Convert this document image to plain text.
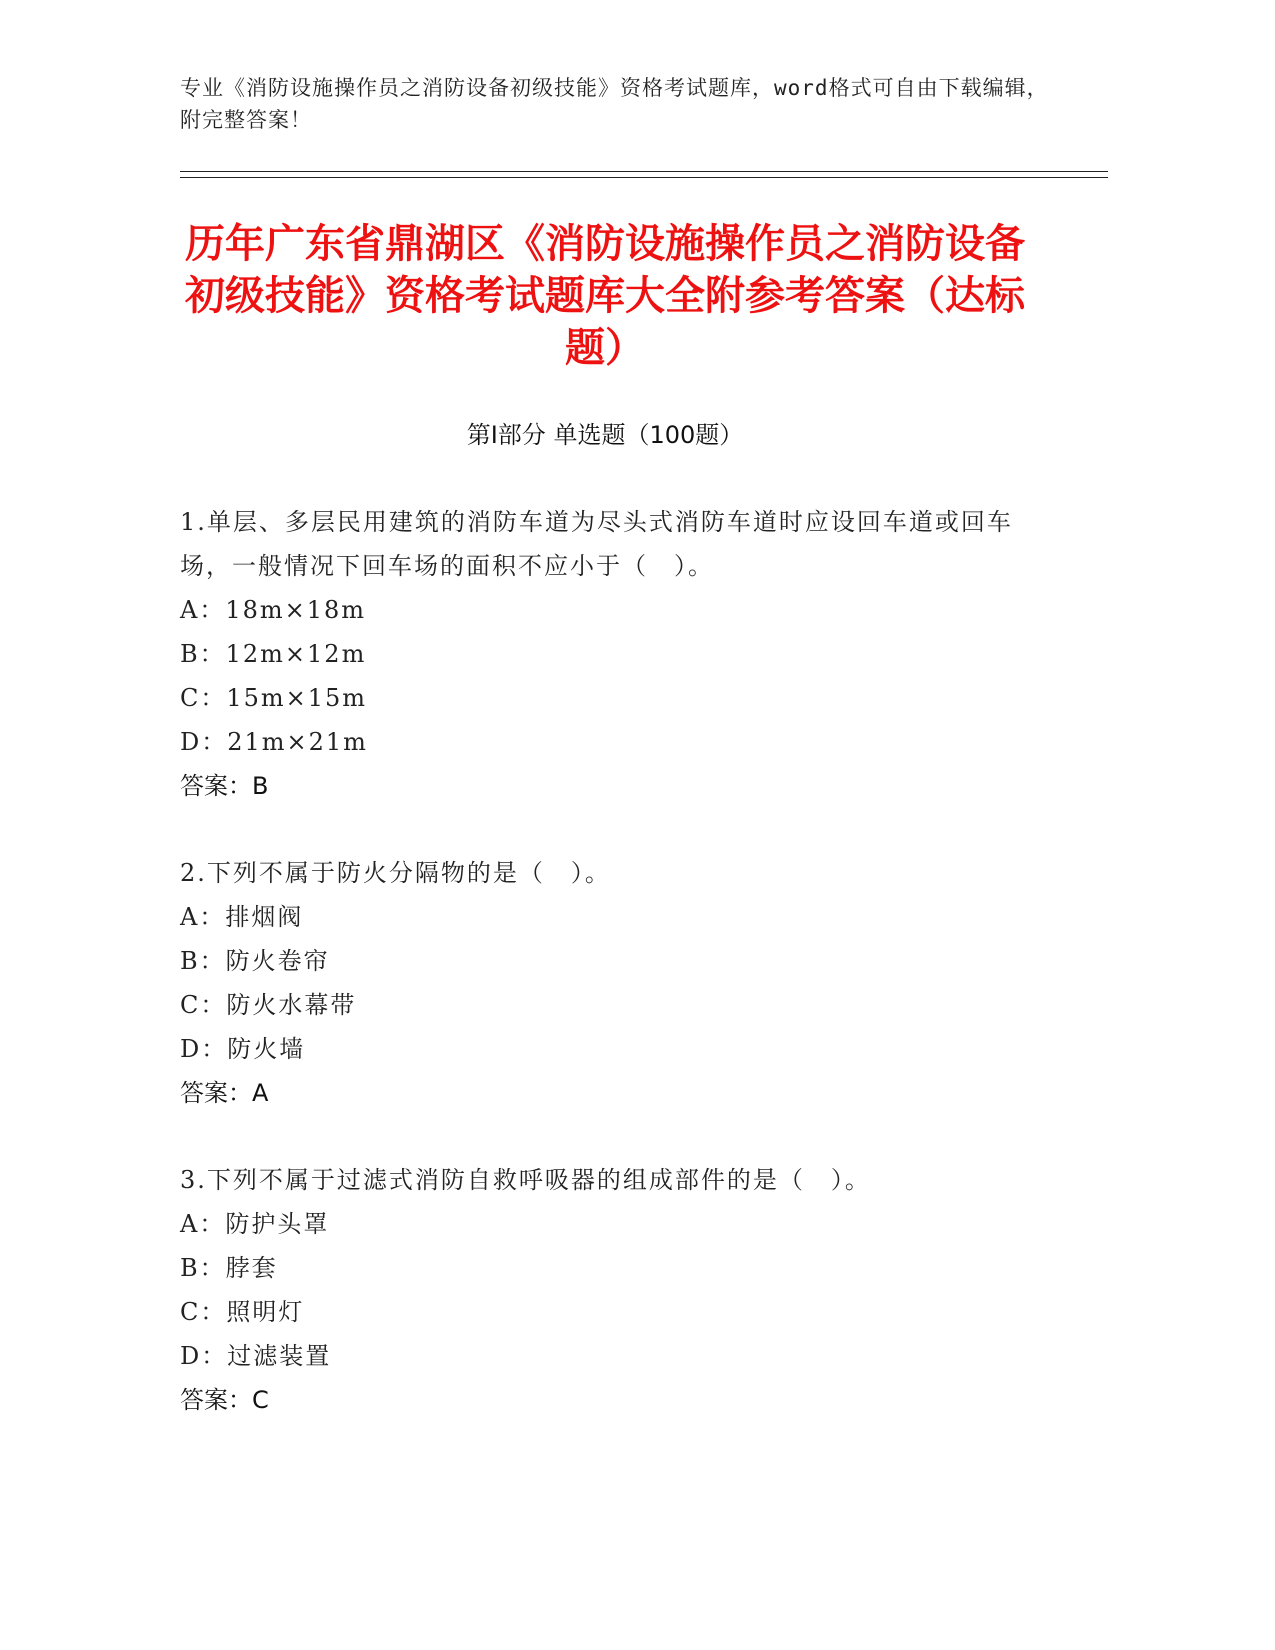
专业《消防设施操作员之消防设备初级技能》资格考试题库，word格式可自由下载编辑，附完整答案！
历年广东省鼎湖区《消防设施操作员之消防设备初级技能》资格考试题库大全附参考答案（达标题）
第I部分 单选题（100题）

1.单层、多层民用建筑的消防车道为尽头式消防车道时应设回车道或回车场，一般情况下回车场的面积不应小于（　）。

A：18m×18m
B：12m×12m
C：15m×15m
D：21m×21m
答案：B

2.下列不属于防火分隔物的是（　）。

A：排烟阀
B：防火卷帘
C：防火水幕带
D：防火墙
答案：A

3.下列不属于过滤式消防自救呼吸器的组成部件的是（　）。

A：防护头罩
B：脖套
C：照明灯
D：过滤装置
答案：C
